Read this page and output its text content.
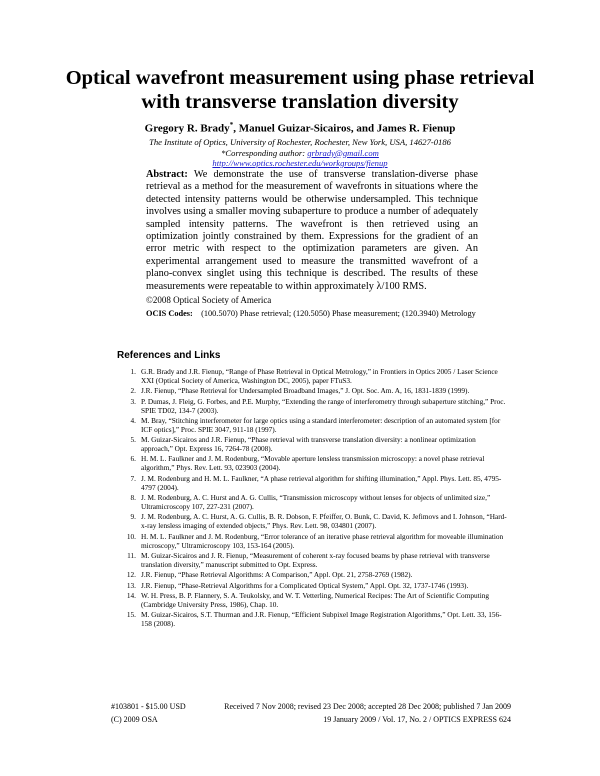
Optical wavefront measurement using phase retrieval with transverse translation diversity
Gregory R. Brady*, Manuel Guizar-Sicairos, and James R. Fienup
The Institute of Optics, University of Rochester, Rochester, New York, USA, 14627-0186
*Corresponding author: grbrady@gmail.com
http://www.optics.rochester.edu/workgroups/fienup
Abstract: We demonstrate the use of transverse translation-diverse phase retrieval as a method for the measurement of wavefronts in situations where the detected intensity patterns would be otherwise undersampled. This technique involves using a smaller moving subaperture to produce a number of adequately sampled intensity patterns. The wavefront is then retrieved using an optimization jointly constrained by them. Expressions for the gradient of an error metric with respect to the optimization parameters are given. An experimental arrangement used to measure the transmitted wavefront of a plano-convex singlet using this technique is described. The results of these measurements were repeatable to within approximately λ/100 RMS.
©2008 Optical Society of America
OCIS Codes: (100.5070) Phase retrieval; (120.5050) Phase measurement; (120.3940) Metrology
References and Links
1. G.R. Brady and J.R. Fienup, “Range of Phase Retrieval in Optical Metrology,” in Frontiers in Optics 2005 / Laser Science XXI (Optical Society of America, Washington DC, 2005), paper FTuS3.
2. J.R. Fienup, “Phase Retrieval for Undersampled Broadband Images,” J. Opt. Soc. Am. A, 16, 1831-1839 (1999).
3. P. Dumas, J. Fleig, G. Forbes, and P.E. Murphy, “Extending the range of interferometry through subaperture stitching,” Proc. SPIE TD02, 134-7 (2003).
4. M. Bray, “Stitching interferometer for large optics using a standard interferometer: description of an automated system [for ICF optics],” Proc. SPIE 3047, 911-18 (1997).
5. M. Guizar-Sicairos and J.R. Fienup, “Phase retrieval with transverse translation diversity: a nonlinear optimization approach,” Opt. Express 16, 7264-78 (2008).
6. H. M. L. Faulkner and J. M. Rodenburg, “Movable aperture lensless transmission microscopy: a novel phase retrieval algorithm,” Phys. Rev. Lett. 93, 023903 (2004).
7. J. M. Rodenburg and H. M. L. Faulkner, “A phase retrieval algorithm for shifting illumination,” Appl. Phys. Lett. 85, 4795-4797 (2004).
8. J. M. Rodenburg, A. C. Hurst and A. G. Cullis, “Transmission microscopy without lenses for objects of unlimited size,” Ultramicroscopy 107, 227-231 (2007).
9. J. M. Rodenburg, A. C. Hurst, A. G. Cullis, B. R. Dobson, F. Pfeiffer, O. Bunk, C. David, K. Jefimovs and I. Johnson, “Hard-x-ray lensless imaging of extended objects,” Phys. Rev. Lett. 98, 034801 (2007).
10. H. M. L. Faulkner and J. M. Rodenburg, “Error tolerance of an iterative phase retrieval algorithm for moveable illumination microscopy,” Ultramicroscopy 103, 153-164 (2005).
11. M. Guizar-Sicairos and J. R. Fienup, “Measurement of coherent x-ray focused beams by phase retrieval with transverse translation diversity,” manuscript submitted to Opt. Express.
12. J.R. Fienup, “Phase Retrieval Algorithms: A Comparison,” Appl. Opt. 21, 2758-2769 (1982).
13. J.R. Fienup, “Phase-Retrieval Algorithms for a Complicated Optical System,” Appl. Opt. 32, 1737-1746 (1993).
14. W. H. Press, B. P. Flannery, S. A. Teukolsky, and W. T. Vetterling, Numerical Recipes: The Art of Scientific Computing (Cambridge University Press, 1986), Chap. 10.
15. M. Guizar-Sicairos, S.T. Thurman and J.R. Fienup, “Efficient Subpixel Image Registration Algorithms,” Opt. Lett. 33, 156-158 (2008).
#103801 - $15.00 USD	Received 7 Nov 2008; revised 23 Dec 2008; accepted 28 Dec 2008; published 7 Jan 2009
(C) 2009 OSA	19 January 2009 / Vol. 17, No. 2 / OPTICS EXPRESS 624
